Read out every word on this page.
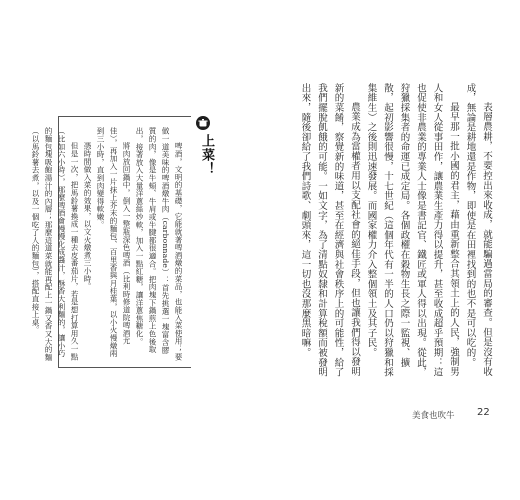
表層農耕，不要控出來收成，就能騙過當局的審查。但是沒有收成，無論是耕地還是作物，即使是在田裡找到的也不是可以吃的。

最早那一批小國的君主，藉由重新整合其領土上的人民，強制男人和女人從事田作，讓農業生產力得以提升，甚至收成超乎預期：這也促使非農業的專業人士像是書記官、鐵匠或軍人得以出現。從此，狩獵採集者的命運已成定局。各個政權在穀物生長之際一監視、擴散，起初影響很慢，十七世紀（這個年代有一半的人口仍以狩獵和採集維生）之後則迅速發展。而國家權力介入整個領土及其子民。

農業成為當權者用以支配社會的絕佳手段，但也讓我們得以發明新的菜餚，察覺新的味道，甚至在經濟與社會秩序上的可能性，給了我們擺脫飢餓的可能。一如文字，為了清點奴隸和計算稅額而被發明出來，隨後卻給了我們詩歌、劇頭來，這一切也沒那麼黑暗嘛。

啤酒，文明的基礎，它能就著啤酒燉的菜品，也能入菜使用；要做一道美味的啤酒燉牛肉（carbonnade）：首先挑選一塊富含膠質的肉，像是牛頰、牛肩或牛腱都很適合。把肉塊下鍋煎上色後取出，接著放入大量洋蔥絲炒軟，加入一點紅糖，讓洋蔥焦糖化。

將肉放回鍋中，倒入一整瓶深色啤酒（比利時修道院啤酒尤佳），再加入一片抹上芥末的麵包、百里香與月桂葉，以小火慢燉兩到三小時，直到肉變得軟嫩。

憑時間做入菜的效果，以文火燉煮三小時。

但是一次，把馬鈴薯換成一種去皮番茄片，若是想打算用久一點（比如六小時），那麼啤酒會慢慢化成醬汁，酥香大利麵的，讓小巧的麵包塊吸飽湯汁的內層；那麼這道菜就能再配上一鍋又香又大的麵（以馬鈴薯去煮，以及一個吃了人的麵包），搭配直接上桌。	上菜！
美食也吹牛 22
